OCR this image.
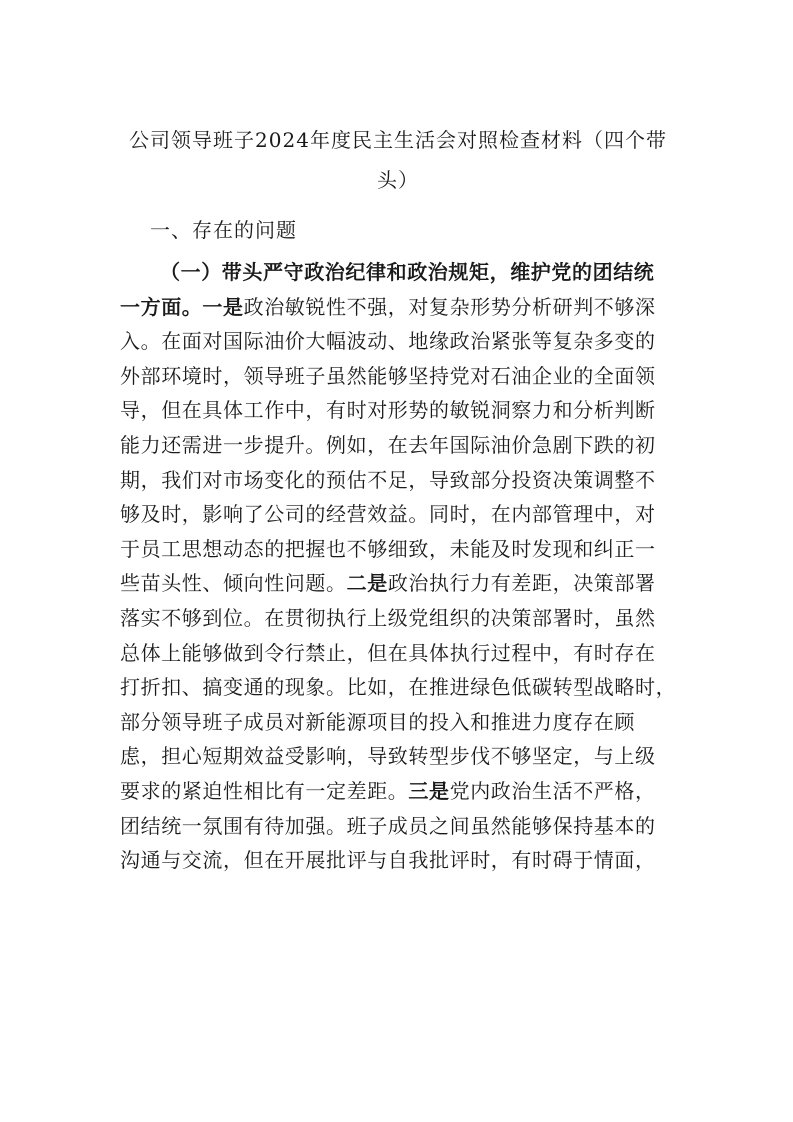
公司领导班子2024年度民主生活会对照检查材料（四个带
头）
一、存在的问题
（一）带头严守政治纪律和政治规矩，维护党的团结统
一方面。一是政治敏锐性不强，对复杂形势分析研判不够深
入。在面对国际油价大幅波动、地缘政治紧张等复杂多变的
外部环境时，领导班子虽然能够坚持党对石油企业的全面领
导，但在具体工作中，有时对形势的敏锐洞察力和分析判断
能力还需进一步提升。例如，在去年国际油价急剧下跌的初
期，我们对市场变化的预估不足，导致部分投资决策调整不
够及时，影响了公司的经营效益。同时，在内部管理中，对
于员工思想动态的把握也不够细致，未能及时发现和纠正一
些苗头性、倾向性问题。二是政治执行力有差距，决策部署
落实不够到位。在贯彻执行上级党组织的决策部署时，虽然
总体上能够做到令行禁止，但在具体执行过程中，有时存在
打折扣、搞变通的现象。比如，在推进绿色低碳转型战略时，
部分领导班子成员对新能源项目的投入和推进力度存在顾
虑，担心短期效益受影响，导致转型步伐不够坚定，与上级
要求的紧迫性相比有一定差距。三是党内政治生活不严格，
团结统一氛围有待加强。班子成员之间虽然能够保持基本的
沟通与交流，但在开展批评与自我批评时，有时碍于情面，
